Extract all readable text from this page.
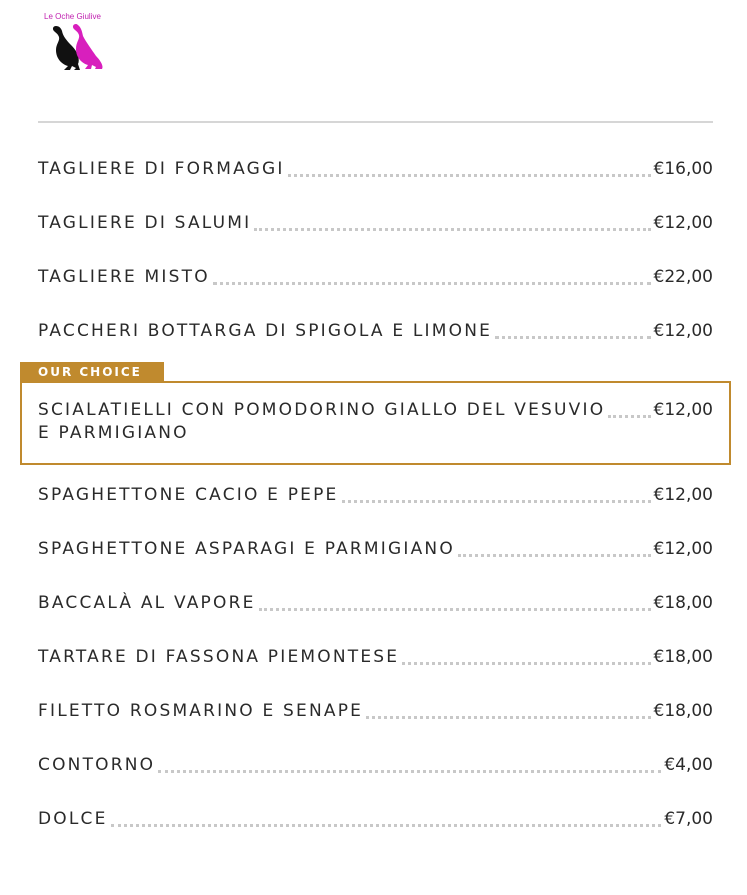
Le Oche Giulive
TAGLIERE DI FORMAGGI	€16,00
TAGLIERE DI SALUMI	€12,00
TAGLIERE MISTO	€22,00
PACCHERI BOTTARGA DI SPIGOLA E LIMONE	€12,00
OUR CHOICE
SCIALATIELLI CON POMODORINO GIALLO DEL VESUVIO	€12,00
E PARMIGIANO
SPAGHETTONE CACIO E PEPE	€12,00
SPAGHETTONE ASPARAGI E PARMIGIANO	€12,00
BACCALÀ AL VAPORE	€18,00
TARTARE DI FASSONA PIEMONTESE	€18,00
FILETTO ROSMARINO E SENAPE	€18,00
CONTORNO	€4,00
DOLCE	€7,00
